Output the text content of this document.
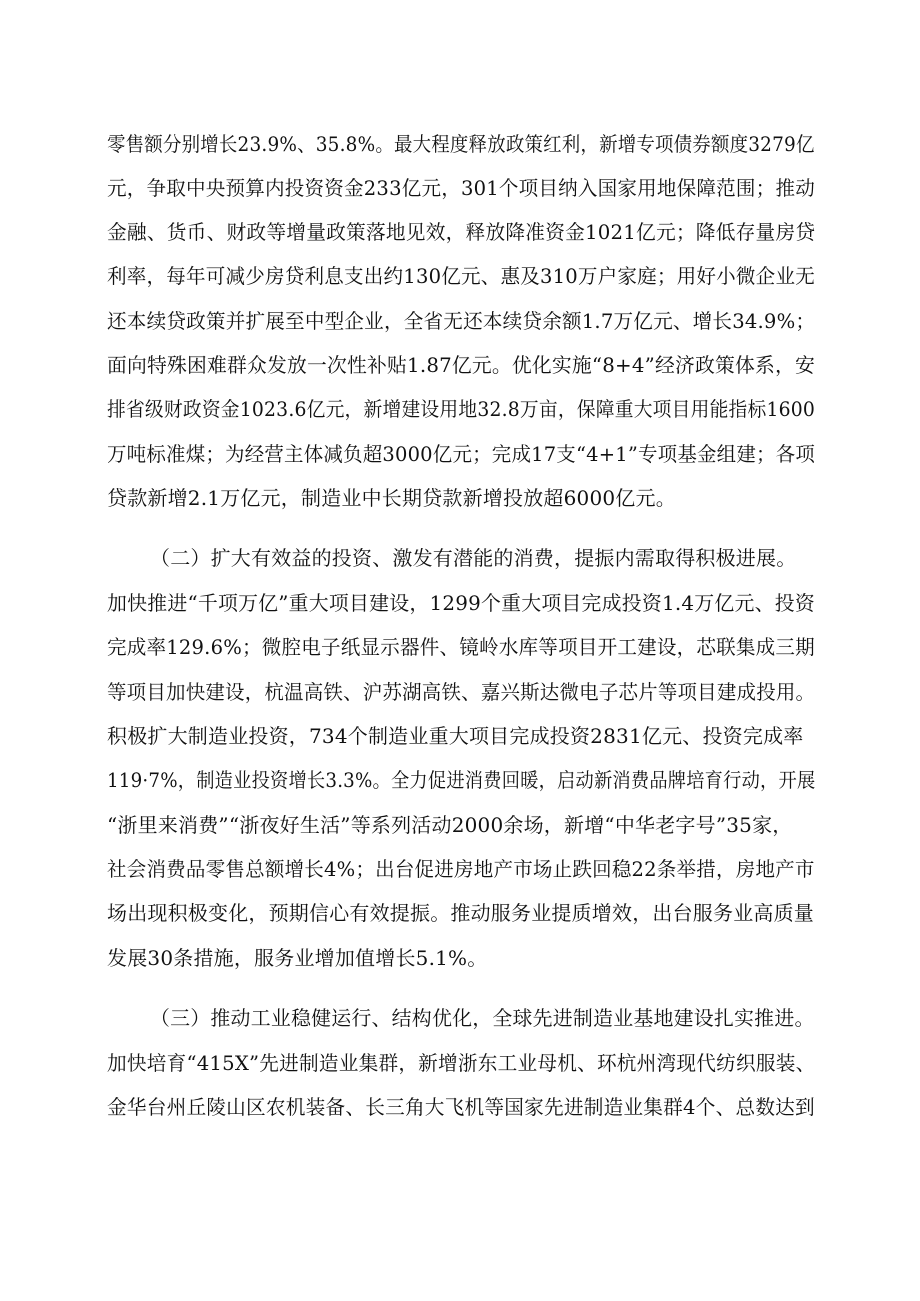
零售额分别增长23.9%、35.8%。最大程度释放政策红利，新增专项债券额度3279亿
元，争取中央预算内投资资金233亿元，301个项目纳入国家用地保障范围；推动
金融、货币、财政等增量政策落地见效，释放降准资金1021亿元；降低存量房贷
利率，每年可减少房贷利息支出约130亿元、惠及310万户家庭；用好小微企业无
还本续贷政策并扩展至中型企业，全省无还本续贷余额1.7万亿元、增长34.9%；
面向特殊困难群众发放一次性补贴1.87亿元。优化实施“8+4”经济政策体系，安
排省级财政资金1023.6亿元，新增建设用地32.8万亩，保障重大项目用能指标1600
万吨标准煤；为经营主体减负超3000亿元；完成17支“4+1”专项基金组建；各项
贷款新增2.1万亿元，制造业中长期贷款新增投放超6000亿元。
（二）扩大有效益的投资、激发有潜能的消费，提振内需取得积极进展。
加快推进“千项万亿”重大项目建设，1299个重大项目完成投资1.4万亿元、投资
完成率129.6%；微腔电子纸显示器件、镜岭水库等项目开工建设，芯联集成三期
等项目加快建设，杭温高铁、沪苏湖高铁、嘉兴斯达微电子芯片等项目建成投用。
积极扩大制造业投资，734个制造业重大项目完成投资2831亿元、投资完成率
119·7%，制造业投资增长3.3%。全力促进消费回暖，启动新消费品牌培育行动，开展
“浙里来消费”“浙夜好生活”等系列活动2000余场，新增“中华老字号”35家，
社会消费品零售总额增长4%；出台促进房地产市场止跌回稳22条举措，房地产市
场出现积极变化，预期信心有效提振。推动服务业提质增效，出台服务业高质量
发展30条措施，服务业增加值增长5.1%。
（三）推动工业稳健运行、结构优化，全球先进制造业基地建设扎实推进。
加快培育“415X”先进制造业集群，新增浙东工业母机、环杭州湾现代纺织服装、
金华台州丘陵山区农机装备、长三角大飞机等国家先进制造业集群4个、总数达到
